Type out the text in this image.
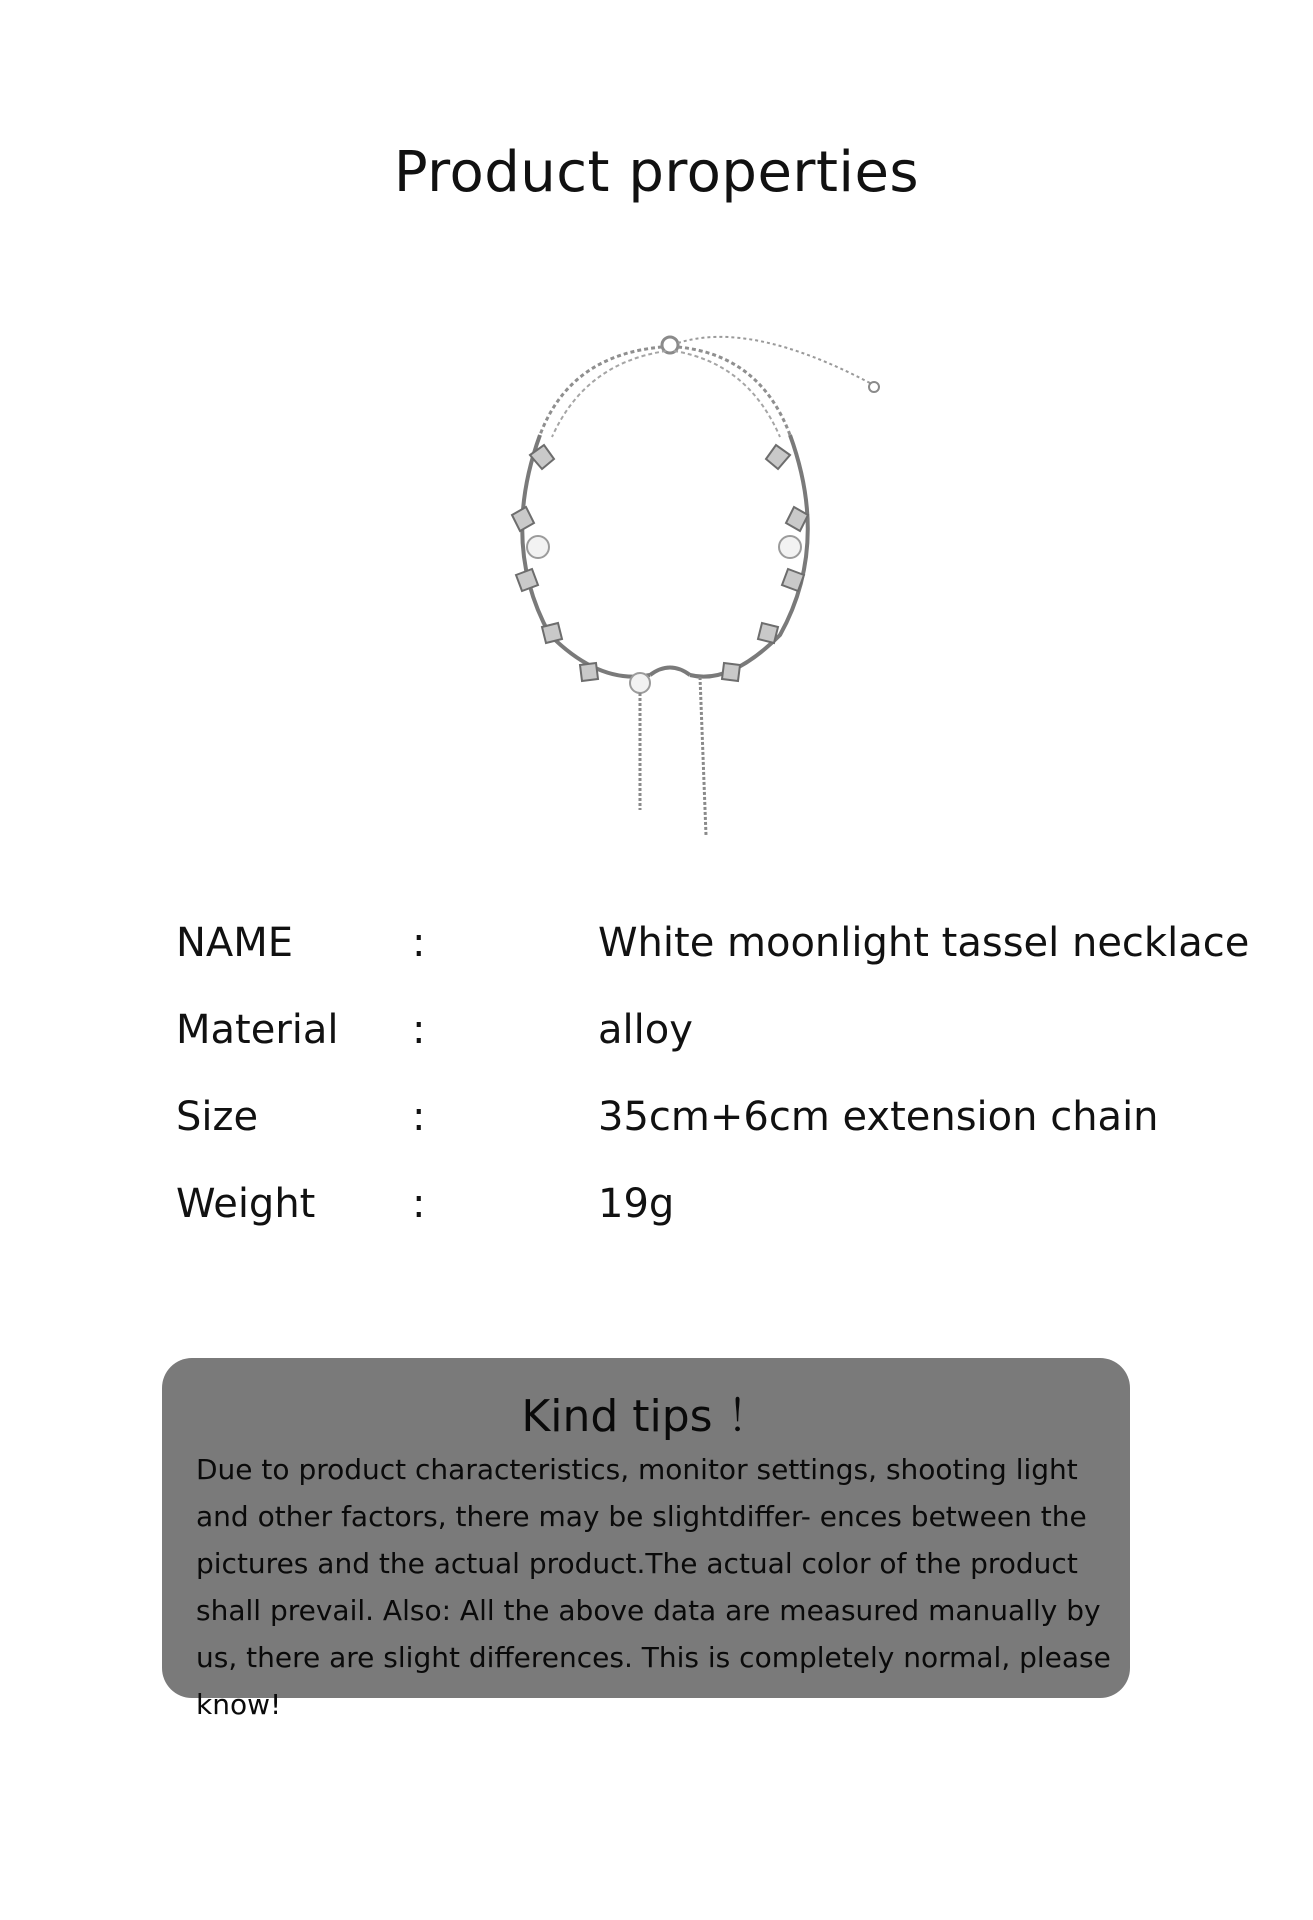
Product properties
NAME	:	White moonlight tassel necklace
Material :	alloy
Size	:	35cm+6cm extension chain
Weight :	19g
Kind tips ！
Due to product characteristics, monitor settings, shooting light and other factors, there may be slightdiffer- ences between the pictures and the actual product.The actual color of the product shall prevail. Also: All the above data are measured manually by us, there are slight differences. This is completely normal, please know!
